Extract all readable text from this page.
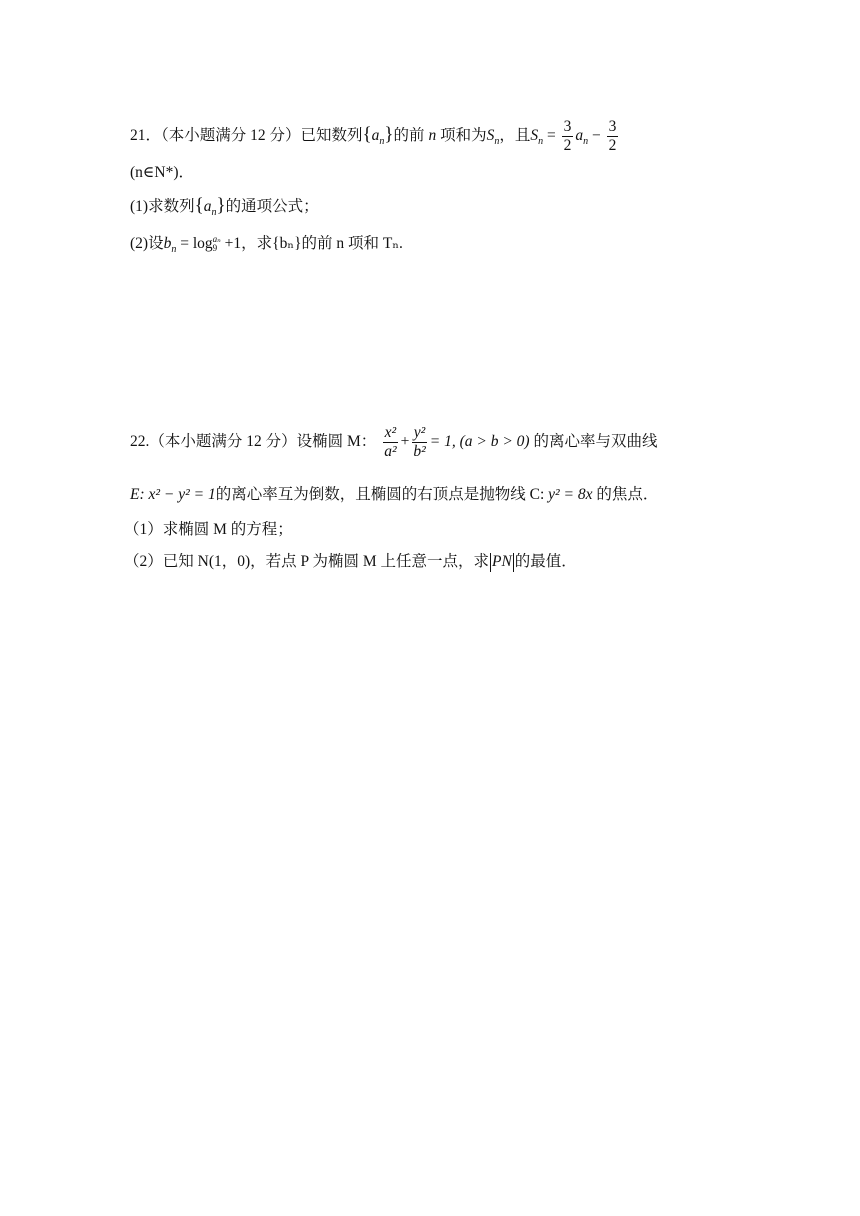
21．（本小题满分 12 分）已知数列$\{a_n\}$的前 n 项和为$S_n$，且$S_n = \frac{3}{2} a_n - \frac{3}{2}$
(n∈N*)．
(1)求数列$\{a_n\}$的通项公式；
(2)设$b_n = \log a_n$
9 +1，求{bₙ}的前 n 项和 Tₙ.
22.（本小题满分 12 分）设椭圆 M： $\frac{\text{x²}}{\text{a²}} + \frac{\text{y²}}{\text{b²}} = 1$, (a > b > 0) 的离心率与双曲线
E: x² − y² = 1的离心率互为倒数，且椭圆的右顶点是抛物线 C: y² = 8x 的焦点．
（1）求椭圆 M 的方程；
（2）已知 N(1，0)，若点 P 为椭圆 M 上任意一点，求 PN 的最值．
